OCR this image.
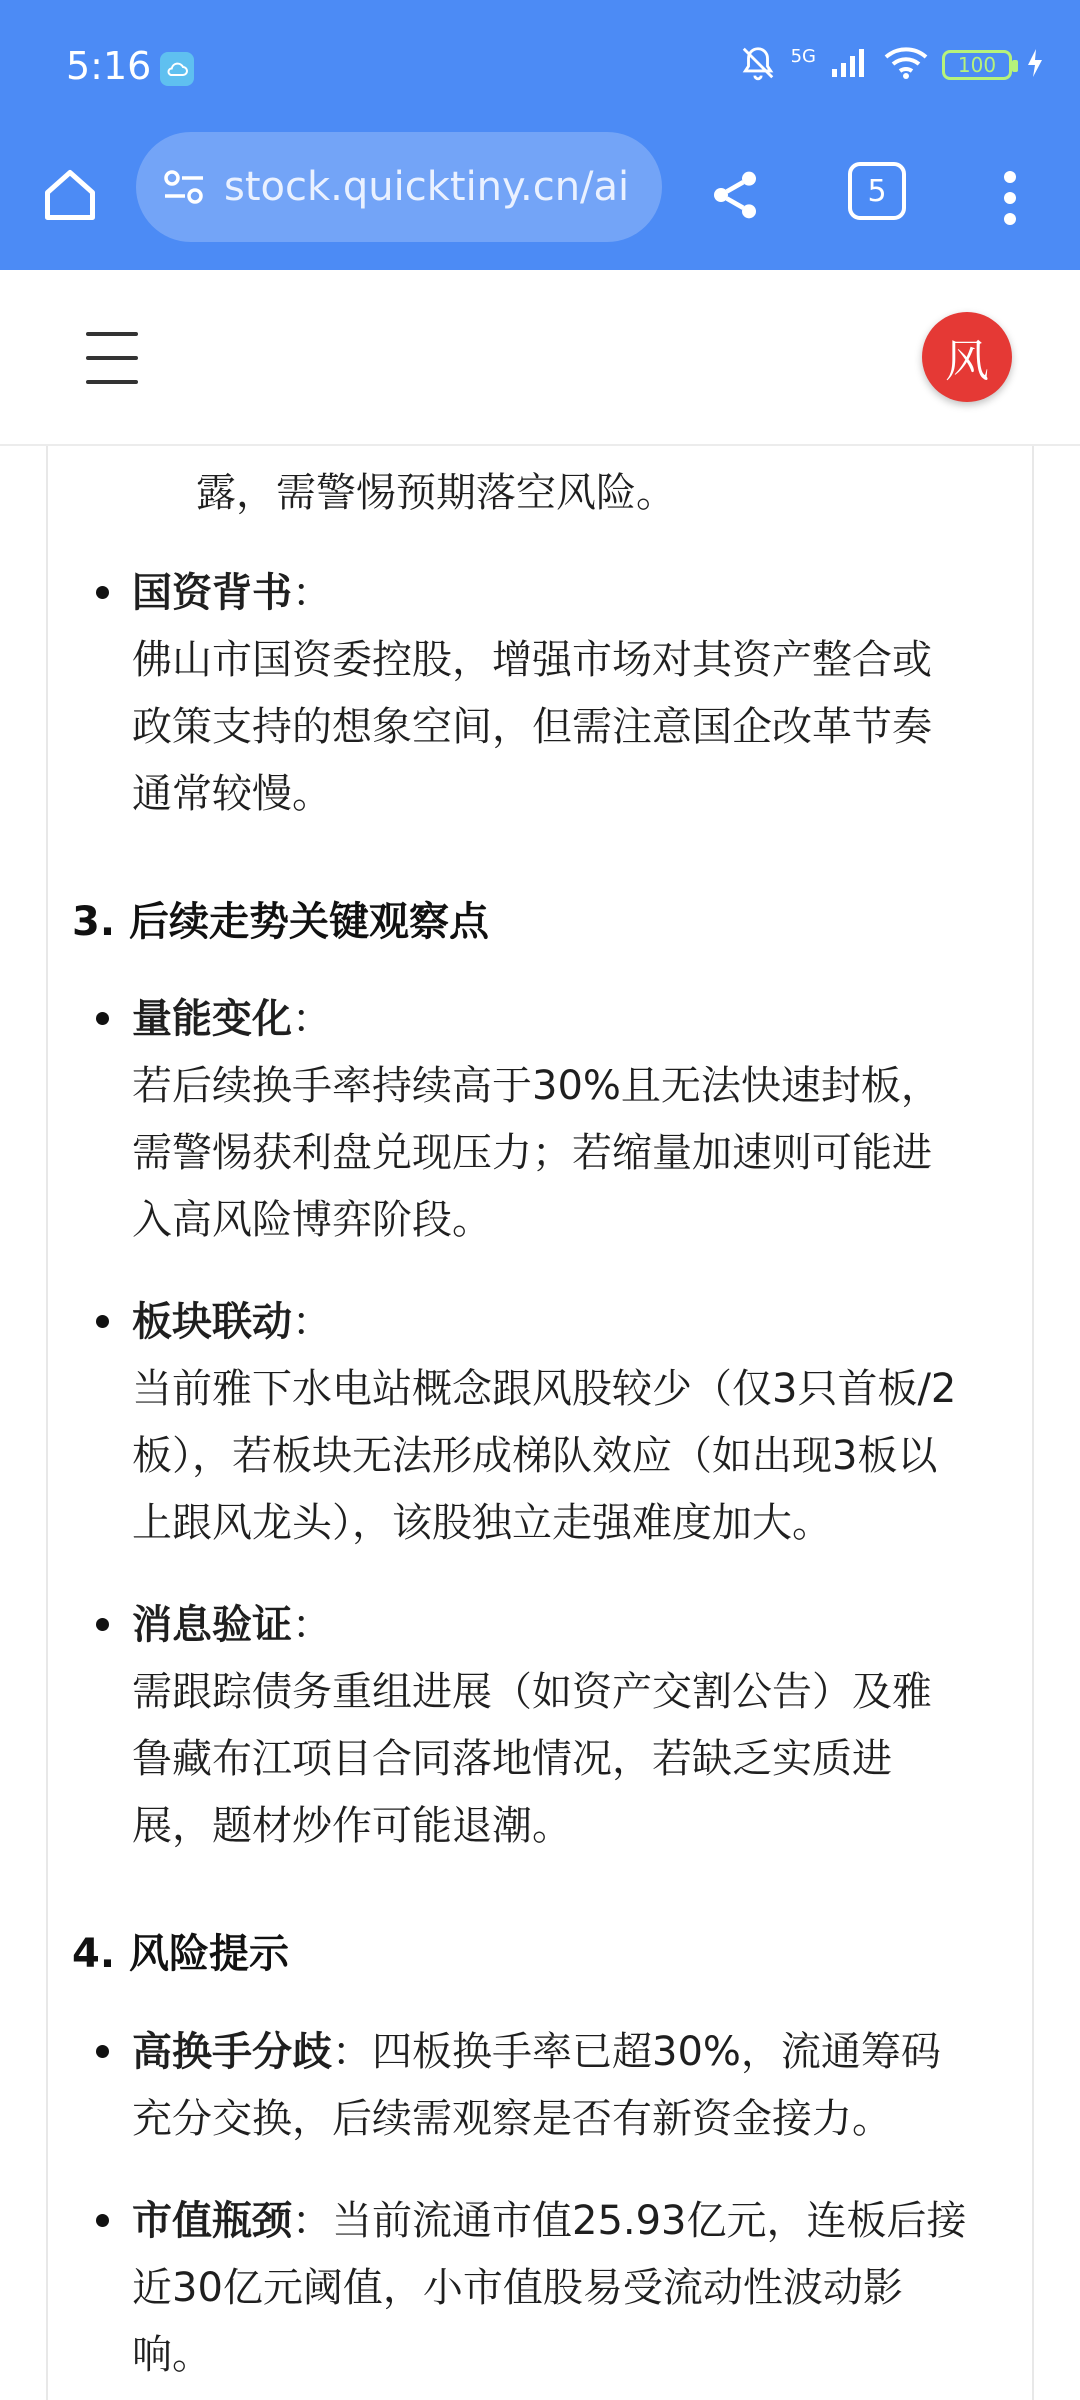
5:16	5G	100
stock.quicktiny.cn/ai	5
风
露，需警惕预期落空风险。
国资背书：
佛山市国资委控股，增强市场对其资产整合或
政策支持的想象空间，但需注意国企改革节奏
通常较慢。
3. 后续走势关键观察点
量能变化：
若后续换手率持续高于30%且无法快速封板，
需警惕获利盘兑现压力；若缩量加速则可能进
入高风险博弈阶段。
板块联动：
当前雅下水电站概念跟风股较少（仅3只首板/2
板），若板块无法形成梯队效应（如出现3板以
上跟风龙头），该股独立走强难度加大。
消息验证：
需跟踪债务重组进展（如资产交割公告）及雅
鲁藏布江项目合同落地情况，若缺乏实质进
展，题材炒作可能退潮。
4. 风险提示
高换手分歧：四板换手率已超30%，流通筹码
充分交换，后续需观察是否有新资金接力。
市值瓶颈：当前流通市值25.93亿元，连板后接
近30亿元阈值，小市值股易受流动性波动影
响。
